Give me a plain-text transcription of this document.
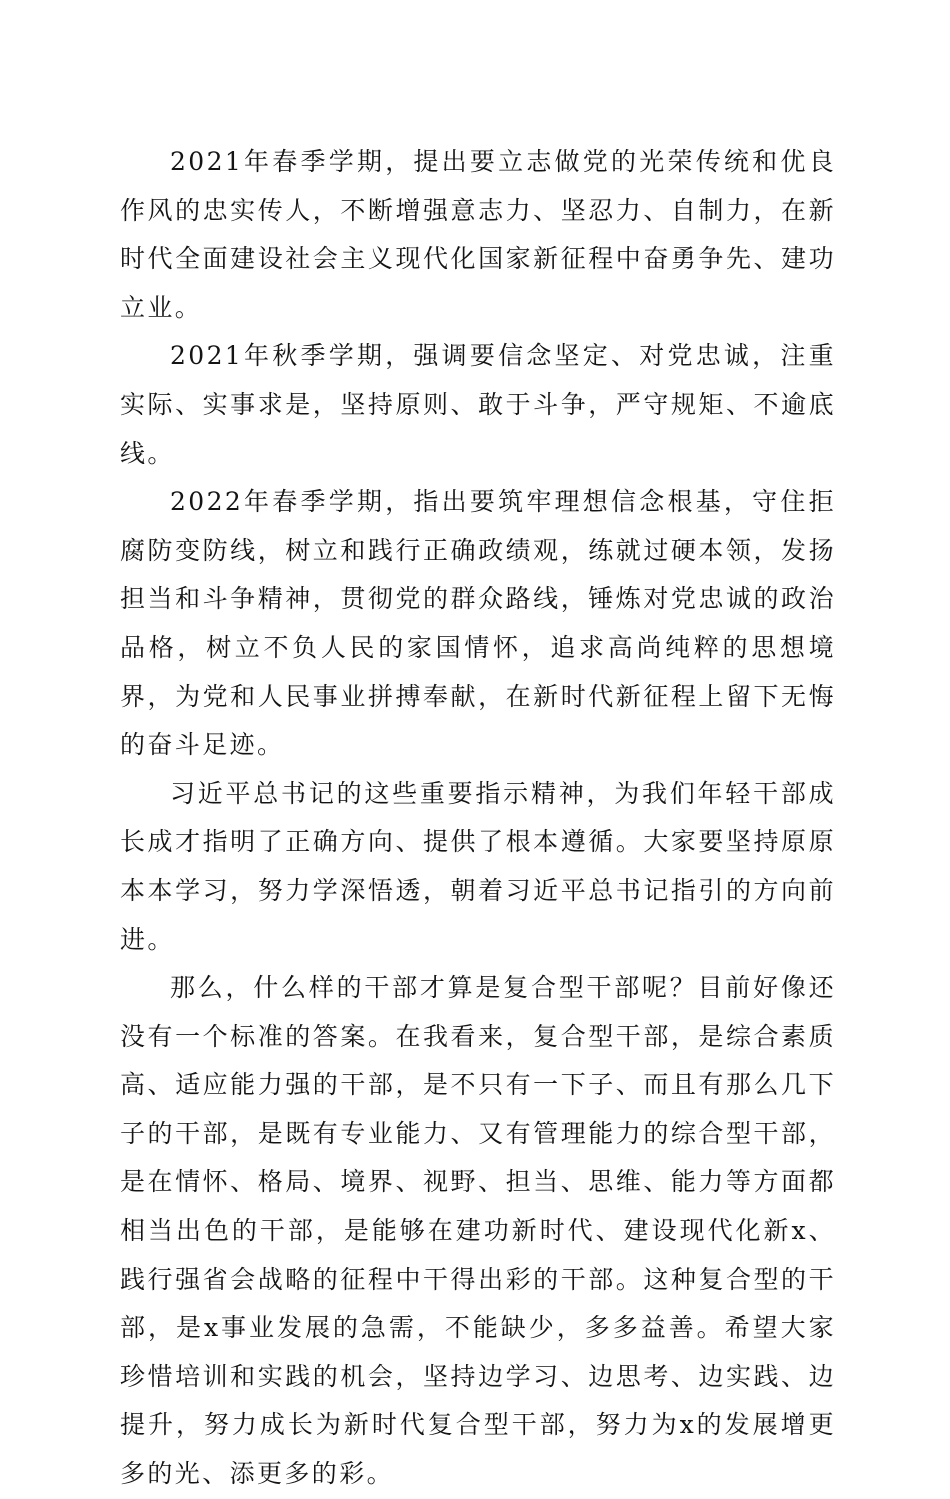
2021年春季学期，提出要立志做党的光荣传统和优良作风的忠实传人，不断增强意志力、坚忍力、自制力，在新时代全面建设社会主义现代化国家新征程中奋勇争先、建功立业。

2021年秋季学期，强调要信念坚定、对党忠诚，注重实际、实事求是，坚持原则、敢于斗争，严守规矩、不逾底线。

2022年春季学期，指出要筑牢理想信念根基，守住拒腐防变防线，树立和践行正确政绩观，练就过硬本领，发扬担当和斗争精神，贯彻党的群众路线，锤炼对党忠诚的政治品格，树立不负人民的家国情怀，追求高尚纯粹的思想境界，为党和人民事业拼搏奉献，在新时代新征程上留下无悔的奋斗足迹。

习近平总书记的这些重要指示精神，为我们年轻干部成长成才指明了正确方向、提供了根本遵循。大家要坚持原原本本学习，努力学深悟透，朝着习近平总书记指引的方向前进。

那么，什么样的干部才算是复合型干部呢？目前好像还没有一个标准的答案。在我看来，复合型干部，是综合素质高、适应能力强的干部，是不只有一下子、而且有那么几下子的干部，是既有专业能力、又有管理能力的综合型干部，是在情怀、格局、境界、视野、担当、思维、能力等方面都相当出色的干部，是能够在建功新时代、建设现代化新x、践行强省会战略的征程中干得出彩的干部。这种复合型的干部，是x事业发展的急需，不能缺少，多多益善。希望大家珍惜培训和实践的机会，坚持边学习、边思考、边实践、边提升，努力成长为新时代复合型干部，努力为x的发展增更多的光、添更多的彩。
